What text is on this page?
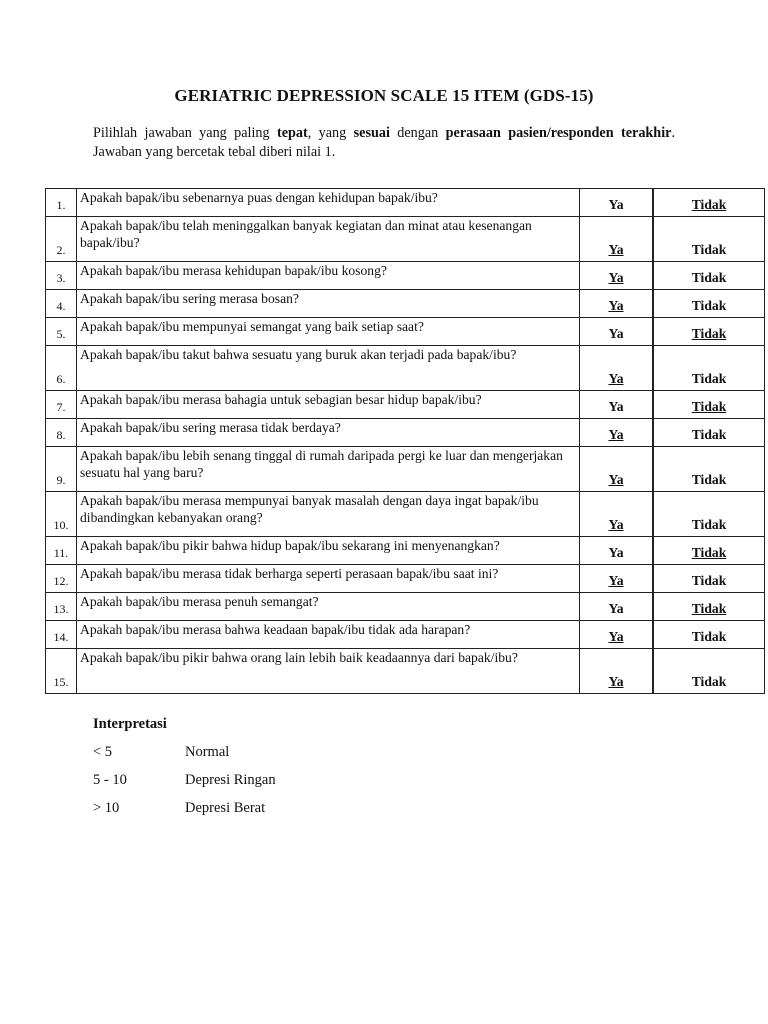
GERIATRIC DEPRESSION SCALE 15 ITEM (GDS-15)
Pilihlah jawaban yang paling tepat, yang sesuai dengan perasaan pasien/responden terakhir. Jawaban yang bercetak tebal diberi nilai 1.
1.	Apakah bapak/ibu sebenarnya puas dengan kehidupan bapak/ibu?	Ya	Tidak
2.	Apakah bapak/ibu telah meninggalkan banyak kegiatan dan minat atau kesenangan bapak/ibu?	Ya	Tidak
3.	Apakah bapak/ibu merasa kehidupan bapak/ibu kosong?	Ya	Tidak
4.	Apakah bapak/ibu sering merasa bosan?	Ya	Tidak
5.	Apakah bapak/ibu mempunyai semangat yang baik setiap saat?	Ya	Tidak
6.	Apakah bapak/ibu takut bahwa sesuatu yang buruk akan terjadi pada bapak/ibu?	Ya	Tidak
7.	Apakah bapak/ibu merasa bahagia untuk sebagian besar hidup bapak/ibu?	Ya	Tidak
8.	Apakah bapak/ibu sering merasa tidak berdaya?	Ya	Tidak
9.	Apakah bapak/ibu lebih senang tinggal di rumah daripada pergi ke luar dan mengerjakan sesuatu hal yang baru?	Ya	Tidak
10.	Apakah bapak/ibu merasa mempunyai banyak masalah dengan daya ingat bapak/ibu dibandingkan kebanyakan orang?	Ya	Tidak
11.	Apakah bapak/ibu pikir bahwa hidup bapak/ibu sekarang ini menyenangkan?	Ya	Tidak
12.	Apakah bapak/ibu merasa tidak berharga seperti perasaan bapak/ibu saat ini?	Ya	Tidak
13.	Apakah bapak/ibu merasa penuh semangat?	Ya	Tidak
14.	Apakah bapak/ibu merasa bahwa keadaan bapak/ibu tidak ada harapan?	Ya	Tidak
15.	Apakah bapak/ibu pikir bahwa orang lain lebih baik keadaannya dari bapak/ibu?	Ya	Tidak
Interpretasi
< 5	Normal
5 - 10	Depresi Ringan
> 10	Depresi Berat
